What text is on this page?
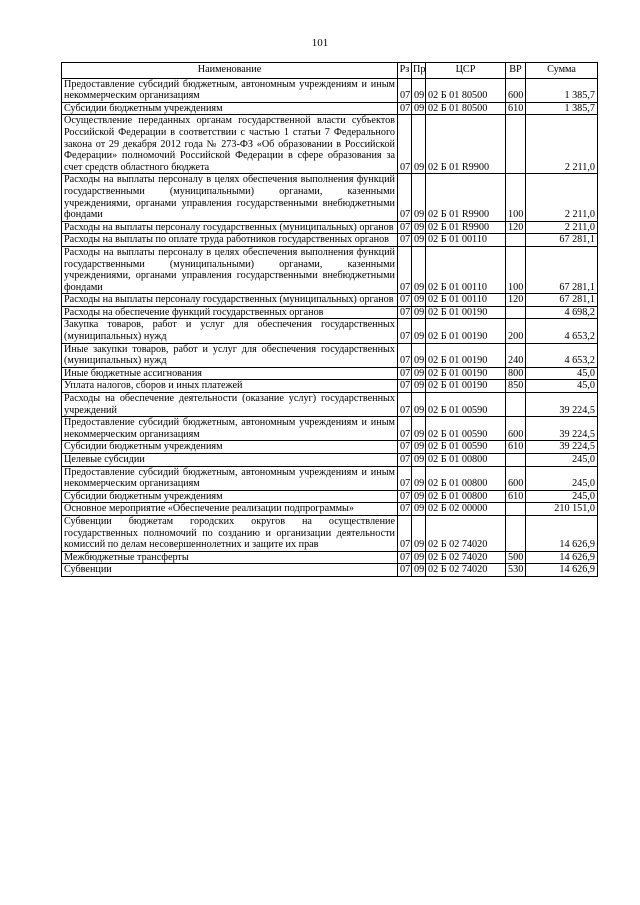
101
Наименование	Рз	Пр	ЦСР	ВР	Сумма
Предоставление субсидий бюджетным, автономным учреждениям и иным некоммерческим организациям	07	09	02 Б 01 80500	600	1 385,7
Субсидии бюджетным учреждениям	07	09	02 Б 01 80500	610	1 385,7
Осуществление переданных органам государственной власти субъектов Российской Федерации в соответствии с частью 1 статьи 7 Федерального закона от 29 декабря 2012 года № 273-ФЗ «Об образовании в Российской Федерации» полномочий Российской Федерации в сфере образования за счет средств областного бюджета	07	09	02 Б 01 R9900		2 211,0
Расходы на выплаты персоналу в целях обеспечения выполнения функций государственными (муниципальными) органами, казенными учреждениями, органами управления государственными внебюджетными фондами	07	09	02 Б 01 R9900	100	2 211,0
Расходы на выплаты персоналу государственных (муниципальных) органов	07	09	02 Б 01 R9900	120	2 211,0
Расходы на выплаты по оплате труда работников государственных органов	07	09	02 Б 01 00110		67 281,1
Расходы на выплаты персоналу в целях обеспечения выполнения функций государственными (муниципальными) органами, казенными учреждениями, органами управления государственными внебюджетными фондами	07	09	02 Б 01 00110	100	67 281,1
Расходы на выплаты персоналу государственных (муниципальных) органов	07	09	02 Б 01 00110	120	67 281,1
Расходы на обеспечение функций государственных органов	07	09	02 Б 01 00190		4 698,2
Закупка товаров, работ и услуг для обеспечения государственных (муниципальных) нужд	07	09	02 Б 01 00190	200	4 653,2
Иные закупки товаров, работ и услуг для обеспечения государственных (муниципальных) нужд	07	09	02 Б 01 00190	240	4 653,2
Иные бюджетные ассигнования	07	09	02 Б 01 00190	800	45,0
Уплата налогов, сборов и иных платежей	07	09	02 Б 01 00190	850	45,0
Расходы на обеспечение деятельности (оказание услуг) государственных учреждений	07	09	02 Б 01 00590		39 224,5
Предоставление субсидий бюджетным, автономным учреждениям и иным некоммерческим организациям	07	09	02 Б 01 00590	600	39 224,5
Субсидии бюджетным учреждениям	07	09	02 Б 01 00590	610	39 224,5
Целевые субсидии	07	09	02 Б 01 00800		245,0
Предоставление субсидий бюджетным, автономным учреждениям и иным некоммерческим организациям	07	09	02 Б 01 00800	600	245,0
Субсидии бюджетным учреждениям	07	09	02 Б 01 00800	610	245,0
Основное мероприятие «Обеспечение реализации подпрограммы»	07	09	02 Б 02 00000		210 151,0
Субвенции бюджетам городских округов на осуществление государственных полномочий по созданию и организации деятельности комиссий по делам несовершеннолетних и защите их прав	07	09	02 Б 02 74020		14 626,9
Межбюджетные трансферты	07	09	02 Б 02 74020	500	14 626,9
Субвенции	07	09	02 Б 02 74020	530	14 626,9
